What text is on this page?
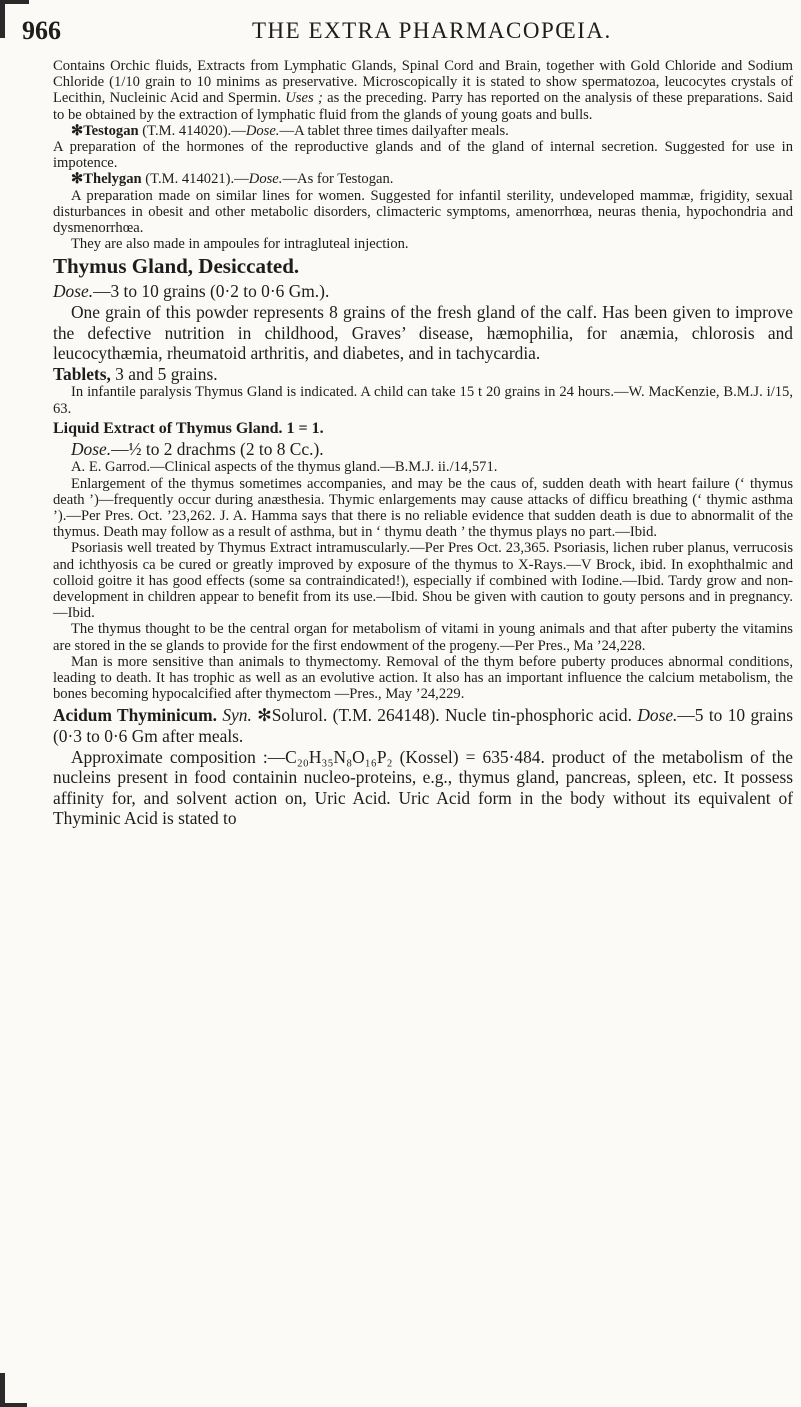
966	THE EXTRA PHARMACOPŒIA.

Contains Orchic fluids, Extracts from Lymphatic Glands, Spinal Cord and Brain, together with Gold Chloride and Sodium Chloride (1/10 grain to 10 minims as preservative. Microscopically it is stated to show spermatozoa, leucocytes crystals of Lecithin, Nucleinic Acid and Spermin. Uses ; as the preceding. Parry has reported on the analysis of these preparations. Said to be obtained by the extraction of lymphatic fluid from the glands of young goats and bulls.

✻Testogan (T.M. 414020).—Dose.—A tablet three times dailyafter meals.

A preparation of the hormones of the reproductive glands and of the gland of internal secretion. Suggested for use in impotence.

✻Thelygan (T.M. 414021).—Dose.—As for Testogan.

A preparation made on similar lines for women. Suggested for infantil sterility, undeveloped mammæ, frigidity, sexual disturbances in obesit and other metabolic disorders, climacteric symptoms, amenorrhœa, neuras thenia, hypochondria and dysmenorrhœa.

They are also made in ampoules for intragluteal injection.

Thymus Gland, Desiccated.

Dose.—3 to 10 grains (0·2 to 0·6 Gm.).

One grain of this powder represents 8 grains of the fresh gland of the calf. Has been given to improve the defective nutrition in childhood, Graves’ disease, hæmophilia, for anæmia, chlorosis and leucocythæmia, rheumatoid arthritis, and diabetes, and in tachycardia.

Tablets, 3 and 5 grains.

In infantile paralysis Thymus Gland is indicated. A child can take 15 t 20 grains in 24 hours.—W. MacKenzie, B.M.J. i/15, 63.

Liquid Extract of Thymus Gland. 1 = 1.

Dose.—½ to 2 drachms (2 to 8 Cc.).

A. E. Garrod.—Clinical aspects of the thymus gland.—B.M.J. ii./14,571.

Enlargement of the thymus sometimes accompanies, and may be the caus of, sudden death with heart failure (‘ thymus death ’)—frequently occur during anæsthesia. Thymic enlargements may cause attacks of difficu breathing (‘ thymic asthma ’).—Per Pres. Oct. ’23,262. J. A. Hamma says that there is no reliable evidence that sudden death is due to abnormalit of the thymus. Death may follow as a result of asthma, but in ‘ thymu death ’ the thymus plays no part.—Ibid.

Psoriasis well treated by Thymus Extract intramuscularly.—Per Pres Oct. 23,365. Psoriasis, lichen ruber planus, verrucosis and ichthyosis ca be cured or greatly improved by exposure of the thymus to X-Rays.—V Brock, ibid. In exophthalmic and colloid goitre it has good effects (some sa contraindicated!), especially if combined with Iodine.—Ibid. Tardy grow and non-development in children appear to benefit from its use.—Ibid. Shou be given with caution to gouty persons and in pregnancy.—Ibid.

The thymus thought to be the central organ for metabolism of vitami in young animals and that after puberty the vitamins are stored in the se glands to provide for the first endowment of the progeny.—Per Pres., Ma ’24,228.

Man is more sensitive than animals to thymectomy. Removal of the thym before puberty produces abnormal conditions, leading to death. It has trophic as well as an evolutive action. It also has an important influence the calcium metabolism, the bones becoming hypocalcified after thymectom —Pres., May ’24,229.

Acidum Thyminicum. Syn. ✻Solurol. (T.M. 264148). Nucle tin-phosphoric acid. Dose.—5 to 10 grains (0·3 to 0·6 Gm after meals.

Approximate composition :—C₂₀H₃₅N₈O₁₆P₂ (Kossel) = 635·484. product of the metabolism of the nucleins present in food containin nucleo-proteins, e.g., thymus gland, pancreas, spleen, etc. It possess affinity for, and solvent action on, Uric Acid. Uric Acid form in the body without its equivalent of Thyminic Acid is stated to
